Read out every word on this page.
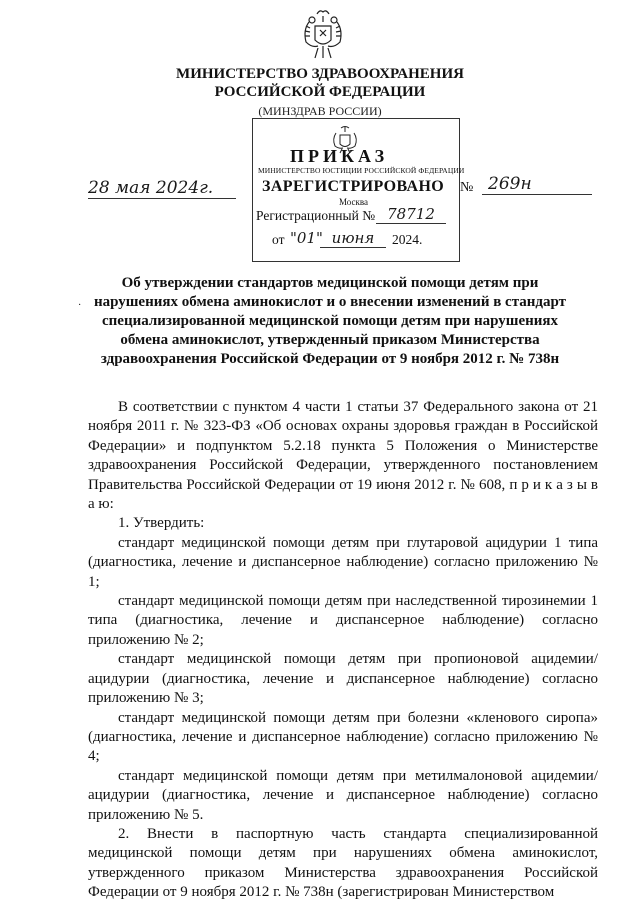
МИНИСТЕРСТВО ЗДРАВООХРАНЕНИЯ
РОССИЙСКОЙ ФЕДЕРАЦИИ
(МИНЗДРАВ РОССИИ)
ПРИКАЗ
МИНИСТЕРСТВО ЮСТИЦИИ РОССИЙСКОЙ ФЕДЕРАЦИИ
ЗАРЕГИСТРИРОВАНО
Москва
Регистрационный № 78712
от "01" июня	2024.
28 мая 2024г.	№ 269н
·
Об утверждении стандартов медицинской помощи детям при нарушениях обмена аминокислот и о внесении изменений в стандарт специализированной медицинской помощи детям при нарушениях обмена аминокислот, утвержденный приказом Министерства здравоохранения Российской Федерации от 9 ноября 2012 г. № 738н

В соответствии с пунктом 4 части 1 статьи 37 Федерального закона от 21 ноября 2011 г. № 323-ФЗ «Об основах охраны здоровья граждан в Российской Федерации» и подпунктом 5.2.18 пункта 5 Положения о Министерстве здравоохранения Российской Федерации, утвержденного постановлением Правительства Российской Федерации от 19 июня 2012 г. № 608, п р и к а з ы в а ю:

1. Утвердить:

стандарт медицинской помощи детям при глутаровой ацидурии 1 типа (диагностика, лечение и диспансерное наблюдение) согласно приложению № 1;

стандарт медицинской помощи детям при наследственной тирозинемии 1 типа (диагностика, лечение и диспансерное наблюдение) согласно приложению № 2;

стандарт медицинской помощи детям при пропионовой ацидемии/ацидурии (диагностика, лечение и диспансерное наблюдение) согласно приложению № 3;

стандарт медицинской помощи детям при болезни «кленового сиропа» (диагностика, лечение и диспансерное наблюдение) согласно приложению № 4;

стандарт медицинской помощи детям при метилмалоновой ацидемии/ацидурии (диагностика, лечение и диспансерное наблюдение) согласно приложению № 5.

2. Внести в паспортную часть стандарта специализированной медицинской помощи детям при нарушениях обмена аминокислот, утвержденного приказом Министерства здравоохранения Российской Федерации от 9 ноября 2012 г. № 738н (зарегистрирован Министерством
